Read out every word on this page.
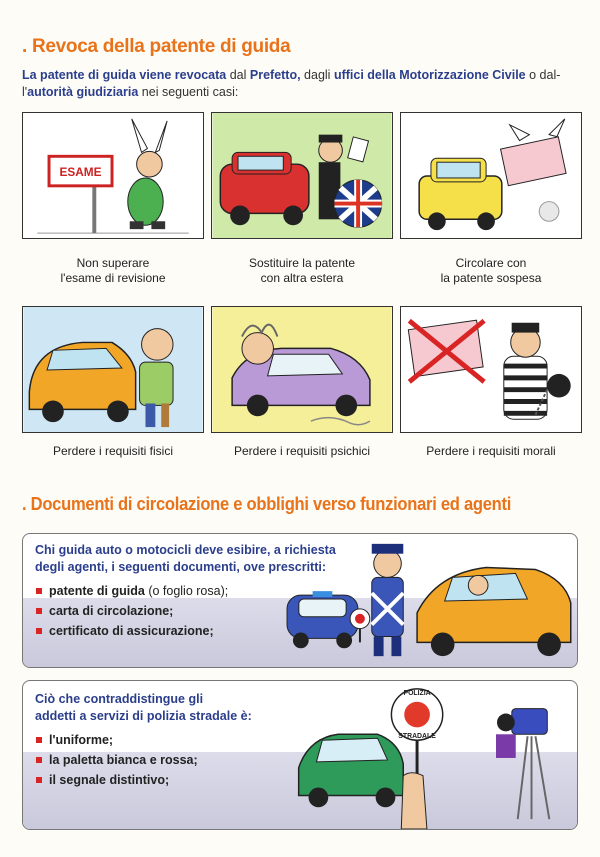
. Revoca della patente di guida

La patente di guida viene revocata dal Prefetto, dagli uffici della Motorizzazione Civile o dal-
l'autorità giudiziaria nei seguenti casi:

ESAME
Non superare
l'esame di revisione
Sostituire la patente
con altra estera
Circolare con
la patente sospesa
Perdere i requisiti fisici	Perdere i requisiti psichici	Perdere i requisiti morali
. Documenti di circolazione e obblighi verso funzionari ed agenti
Chi guida auto o motocicli deve esibire, a richiesta
degli agenti, i seguenti documenti, ove prescritti:
patente di guida (o foglio rosa);
carta di circolazione;
certificato di assicurazione;
Ciò che contraddistingue gli
addetti a servizi di polizia stradale è:
l'uniforme;
la paletta bianca e rossa;
il segnale distintivo;
POLIZIA
STRADALE
